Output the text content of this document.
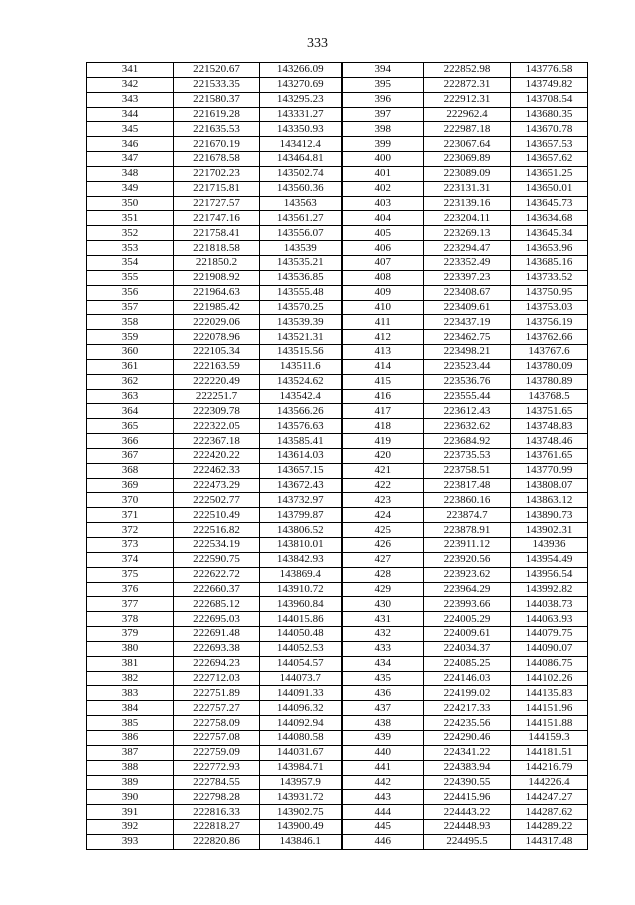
333
341	221520.67	143266.09	394	222852.98	143776.58
342	221533.35	143270.69	395	222872.31	143749.82
343	221580.37	143295.23	396	222912.31	143708.54
344	221619.28	143331.27	397	222962.4	143680.35
345	221635.53	143350.93	398	222987.18	143670.78
346	221670.19	143412.4	399	223067.64	143657.53
347	221678.58	143464.81	400	223069.89	143657.62
348	221702.23	143502.74	401	223089.09	143651.25
349	221715.81	143560.36	402	223131.31	143650.01
350	221727.57	143563	403	223139.16	143645.73
351	221747.16	143561.27	404	223204.11	143634.68
352	221758.41	143556.07	405	223269.13	143645.34
353	221818.58	143539	406	223294.47	143653.96
354	221850.2	143535.21	407	223352.49	143685.16
355	221908.92	143536.85	408	223397.23	143733.52
356	221964.63	143555.48	409	223408.67	143750.95
357	221985.42	143570.25	410	223409.61	143753.03
358	222029.06	143539.39	411	223437.19	143756.19
359	222078.96	143521.31	412	223462.75	143762.66
360	222105.34	143515.56	413	223498.21	143767.6
361	222163.59	143511.6	414	223523.44	143780.09
362	222220.49	143524.62	415	223536.76	143780.89
363	222251.7	143542.4	416	223555.44	143768.5
364	222309.78	143566.26	417	223612.43	143751.65
365	222322.05	143576.63	418	223632.62	143748.83
366	222367.18	143585.41	419	223684.92	143748.46
367	222420.22	143614.03	420	223735.53	143761.65
368	222462.33	143657.15	421	223758.51	143770.99
369	222473.29	143672.43	422	223817.48	143808.07
370	222502.77	143732.97	423	223860.16	143863.12
371	222510.49	143799.87	424	223874.7	143890.73
372	222516.82	143806.52	425	223878.91	143902.31
373	222534.19	143810.01	426	223911.12	143936
374	222590.75	143842.93	427	223920.56	143954.49
375	222622.72	143869.4	428	223923.62	143956.54
376	222660.37	143910.72	429	223964.29	143992.82
377	222685.12	143960.84	430	223993.66	144038.73
378	222695.03	144015.86	431	224005.29	144063.93
379	222691.48	144050.48	432	224009.61	144079.75
380	222693.38	144052.53	433	224034.37	144090.07
381	222694.23	144054.57	434	224085.25	144086.75
382	222712.03	144073.7	435	224146.03	144102.26
383	222751.89	144091.33	436	224199.02	144135.83
384	222757.27	144096.32	437	224217.33	144151.96
385	222758.09	144092.94	438	224235.56	144151.88
386	222757.08	144080.58	439	224290.46	144159.3
387	222759.09	144031.67	440	224341.22	144181.51
388	222772.93	143984.71	441	224383.94	144216.79
389	222784.55	143957.9	442	224390.55	144226.4
390	222798.28	143931.72	443	224415.96	144247.27
391	222816.33	143902.75	444	224443.22	144287.62
392	222818.27	143900.49	445	224448.93	144289.22
393	222820.86	143846.1	446	224495.5	144317.48
